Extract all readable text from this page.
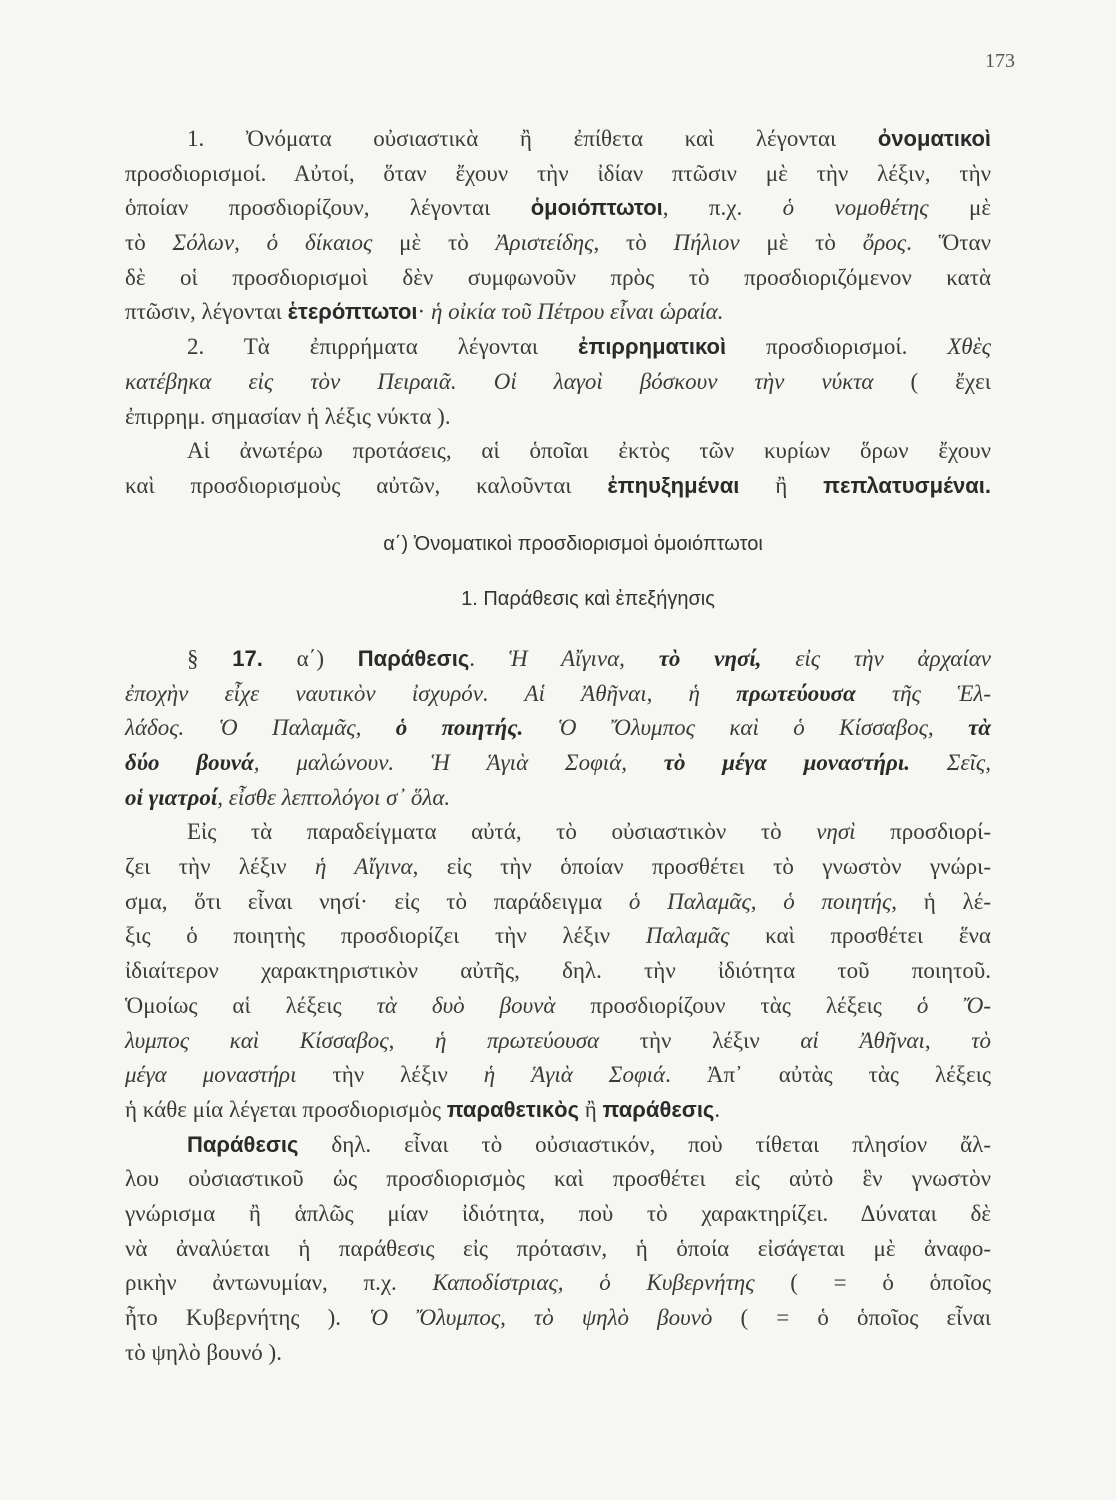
173
1. Ὀνόματα οὐσιαστικὰ ἢ ἐπίθετα καὶ λέγονται ὀνοματικοὶ
προσδιορισμοί. Αὐτοί, ὅταν ἔχουν τὴν ἰδίαν πτῶσιν μὲ τὴν λέξιν, τὴν
ὁποίαν προσδιορίζουν, λέγονται ὁμοιόπτωτοι, π.χ. ὁ νομοθέτης μὲ
τὸ Σόλων, ὁ δίκαιος μὲ τὸ Ἀριστείδης, τὸ Πήλιον μὲ τὸ ὄρος. Ὅταν
δὲ οἱ προσδιορισμοὶ δὲν συμφωνοῦν πρὸς τὸ προσδιοριζόμενον κατὰ
πτῶσιν, λέγονται ἑτερόπτωτοι· ἡ οἰκία τοῦ Πέτρου εἶναι ὡραία.
2. Τὰ ἐπιρρήματα λέγονται ἐπιρρηματικοὶ προσδιορισμοί. Χθὲς
κατέβηκα εἰς τὸν Πειραιᾶ. Οἱ λαγοὶ βόσκουν τὴν νύκτα ( ἔχει
ἐπιρρημ. σημασίαν ἡ λέξις νύκτα ).
Αἱ ἀνωτέρω προτάσεις, αἱ ὁποῖαι ἐκτὸς τῶν κυρίων ὅρων ἔχουν
καὶ προσδιορισμοὺς αὐτῶν, καλοῦνται ἐπηυξημέναι ἢ πεπλατυσμέναι.
α΄) Ὀνοματικοὶ προσδιορισμοὶ ὁμοιόπτωτοι
1. Παράθεσις καὶ ἐπεξήγησις
§ 17. α΄) Παράθεσις. Ἡ Αἴγινα, τὸ νησί, εἰς τὴν ἀρχαίαν
ἐποχὴν εἶχε ναυτικὸν ἰσχυρόν. Αἱ Ἀθῆναι, ἡ πρωτεύουσα τῆς Ἑλ-
λάδος. Ὁ Παλαμᾶς, ὁ ποιητής. Ὁ Ὄλυμπος καὶ ὁ Κίσσαβος, τὰ
δύο βουνά, μαλώνουν. Ἡ Ἁγιὰ Σοφιά, τὸ μέγα μοναστήρι. Σεῖς,
οἱ γιατροί, εἶσθε λεπτολόγοι σ᾽ ὅλα.
Εἰς τὰ παραδείγματα αὐτά, τὸ οὐσιαστικὸν τὸ νησὶ προσδιορί-
ζει τὴν λέξιν ἡ Αἴγινα, εἰς τὴν ὁποίαν προσθέτει τὸ γνωστὸν γνώρι-
σμα, ὅτι εἶναι νησί· εἰς τὸ παράδειγμα ὁ Παλαμᾶς, ὁ ποιητής, ἡ λέ-
ξις ὁ ποιητὴς προσδιορίζει τὴν λέξιν Παλαμᾶς καὶ προσθέτει ἕνα
ἰδιαίτερον χαρακτηριστικὸν αὐτῆς, δηλ. τὴν ἰδιότητα τοῦ ποιητοῦ.
Ὁμοίως αἱ λέξεις τὰ δυὸ βουνὰ προσδιορίζουν τὰς λέξεις ὁ Ὄ-
λυμπος καὶ Κίσσαβος, ἡ πρωτεύουσα τὴν λέξιν αἱ Ἀθῆναι, τὸ
μέγα μοναστήρι τὴν λέξιν ἡ Ἁγιὰ Σοφιά. Ἀπ᾽ αὐτὰς τὰς λέξεις
ἡ κάθε μία λέγεται προσδιορισμὸς παραθετικὸς ἢ παράθεσις.
Παράθεσις δηλ. εἶναι τὸ οὐσιαστικόν, ποὺ τίθεται πλησίον ἄλ-
λου οὐσιαστικοῦ ὡς προσδιορισμὸς καὶ προσθέτει εἰς αὐτὸ ἓν γνωστὸν
γνώρισμα ἢ ἁπλῶς μίαν ἰδιότητα, ποὺ τὸ χαρακτηρίζει. Δύναται δὲ
νὰ ἀναλύεται ἡ παράθεσις εἰς πρότασιν, ἡ ὁποία εἰσάγεται μὲ ἀναφο-
ρικὴν ἀντωνυμίαν, π.χ. Καποδίστριας, ὁ Κυβερνήτης ( = ὁ ὁποῖος
ἦτο Κυβερνήτης ). Ὁ Ὄλυμπος, τὸ ψηλὸ βουνὸ ( = ὁ ὁποῖος εἶναι
τὸ ψηλὸ βουνό ).
